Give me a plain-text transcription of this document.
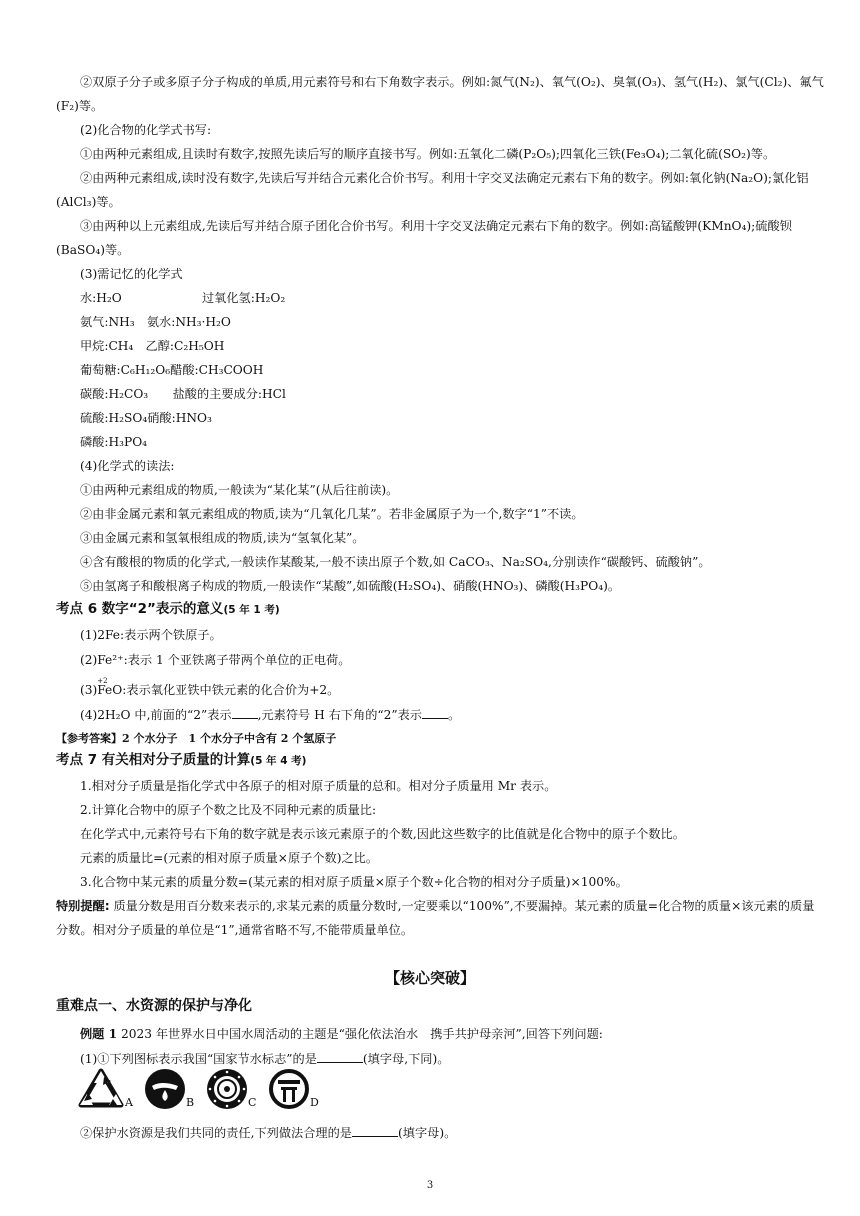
②双原子分子或多原子分子构成的单质,用元素符号和右下角数字表示。例如:氮气(N₂)、氧气(O₂)、臭氧(O₃)、氢气(H₂)、氯气(Cl₂)、氟气
(F₂)等。
(2)化合物的化学式书写:
①由两种元素组成,且读时有数字,按照先读后写的顺序直接书写。例如:五氧化二磷(P₂O₅);四氧化三铁(Fe₃O₄);二氧化硫(SO₂)等。
②由两种元素组成,读时没有数字,先读后写并结合元素化合价书写。利用十字交叉法确定元素右下角的数字。例如:氧化钠(Na₂O);氯化铝
(AlCl₃)等。
③由两种以上元素组成,先读后写并结合原子团化合价书写。利用十字交叉法确定元素右下角的数字。例如:高锰酸钾(KMnO₄);硫酸钡
(BaSO₄)等。
(3)需记忆的化学式
水:H₂O	过氧化氢:H₂O₂
氨气:NH₃　氨水:NH₃·H₂O
甲烷:CH₄　乙醇:C₂H₅OH
葡萄糖:C₆H₁₂O₆醋酸:CH₃COOH
碳酸:H₂CO₃　　盐酸的主要成分:HCl
硫酸:H₂SO₄硝酸:HNO₃
磷酸:H₃PO₄
(4)化学式的读法:
①由两种元素组成的物质,一般读为“某化某”(从后往前读)。
②由非金属元素和氧元素组成的物质,读为“几氧化几某”。若非金属原子为一个,数字“1”不读。
③由金属元素和氢氧根组成的物质,读为“氢氧化某”。
④含有酸根的物质的化学式,一般读作某酸某,一般不读出原子个数,如 CaCO₃、Na₂SO₄,分别读作“碳酸钙、硫酸钠”。
⑤由氢离子和酸根离子构成的物质,一般读作“某酸”,如硫酸(H₂SO₄)、硝酸(HNO₃)、磷酸(H₃PO₄)。
考点 6 数字“2”表示的意义(5 年 1 考)
(1)2Fe:表示两个铁原子。
(2)Fe²⁺:表示 1 个亚铁离子带两个单位的正电荷。
(3)
+2
FeO:表示氧化亚铁中铁元素的化合价为+2。
(4)2H₂O 中,前面的“2”表示 ,元素符号 H 右下角的“2”表示 。
【参考答案】2 个水分子　1 个水分子中含有 2 个氢原子
考点 7 有关相对分子质量的计算(5 年 4 考)
1.相对分子质量是指化学式中各原子的相对原子质量的总和。相对分子质量用 Mr 表示。
2.计算化合物中的原子个数之比及不同种元素的质量比:
在化学式中,元素符号右下角的数字就是表示该元素原子的个数,因此这些数字的比值就是化合物中的原子个数比。
元素的质量比=(元素的相对原子质量×原子个数)之比。
3.化合物中某元素的质量分数=(某元素的相对原子质量×原子个数÷化合物的相对分子质量)×100%。
特别提醒: 质量分数是用百分数来表示的,求某元素的质量分数时,一定要乘以“100%”,不要漏掉。某元素的质量=化合物的质量×该元素的质量
分数。相对分子质量的单位是“1”,通常省略不写,不能带质量单位。
【核心突破】
重难点一、水资源的保护与净化
例题 1 2023 年世界水日中国水周活动的主题是“强化依法治水　携手共护母亲河”,回答下列问题:
(1)①下列图标表示我国“国家节水标志”的是	(填字母,下同)。
A	B	C	D
②保护水资源是我们共同的责任,下列做法合理的是	(填字母)。
3
